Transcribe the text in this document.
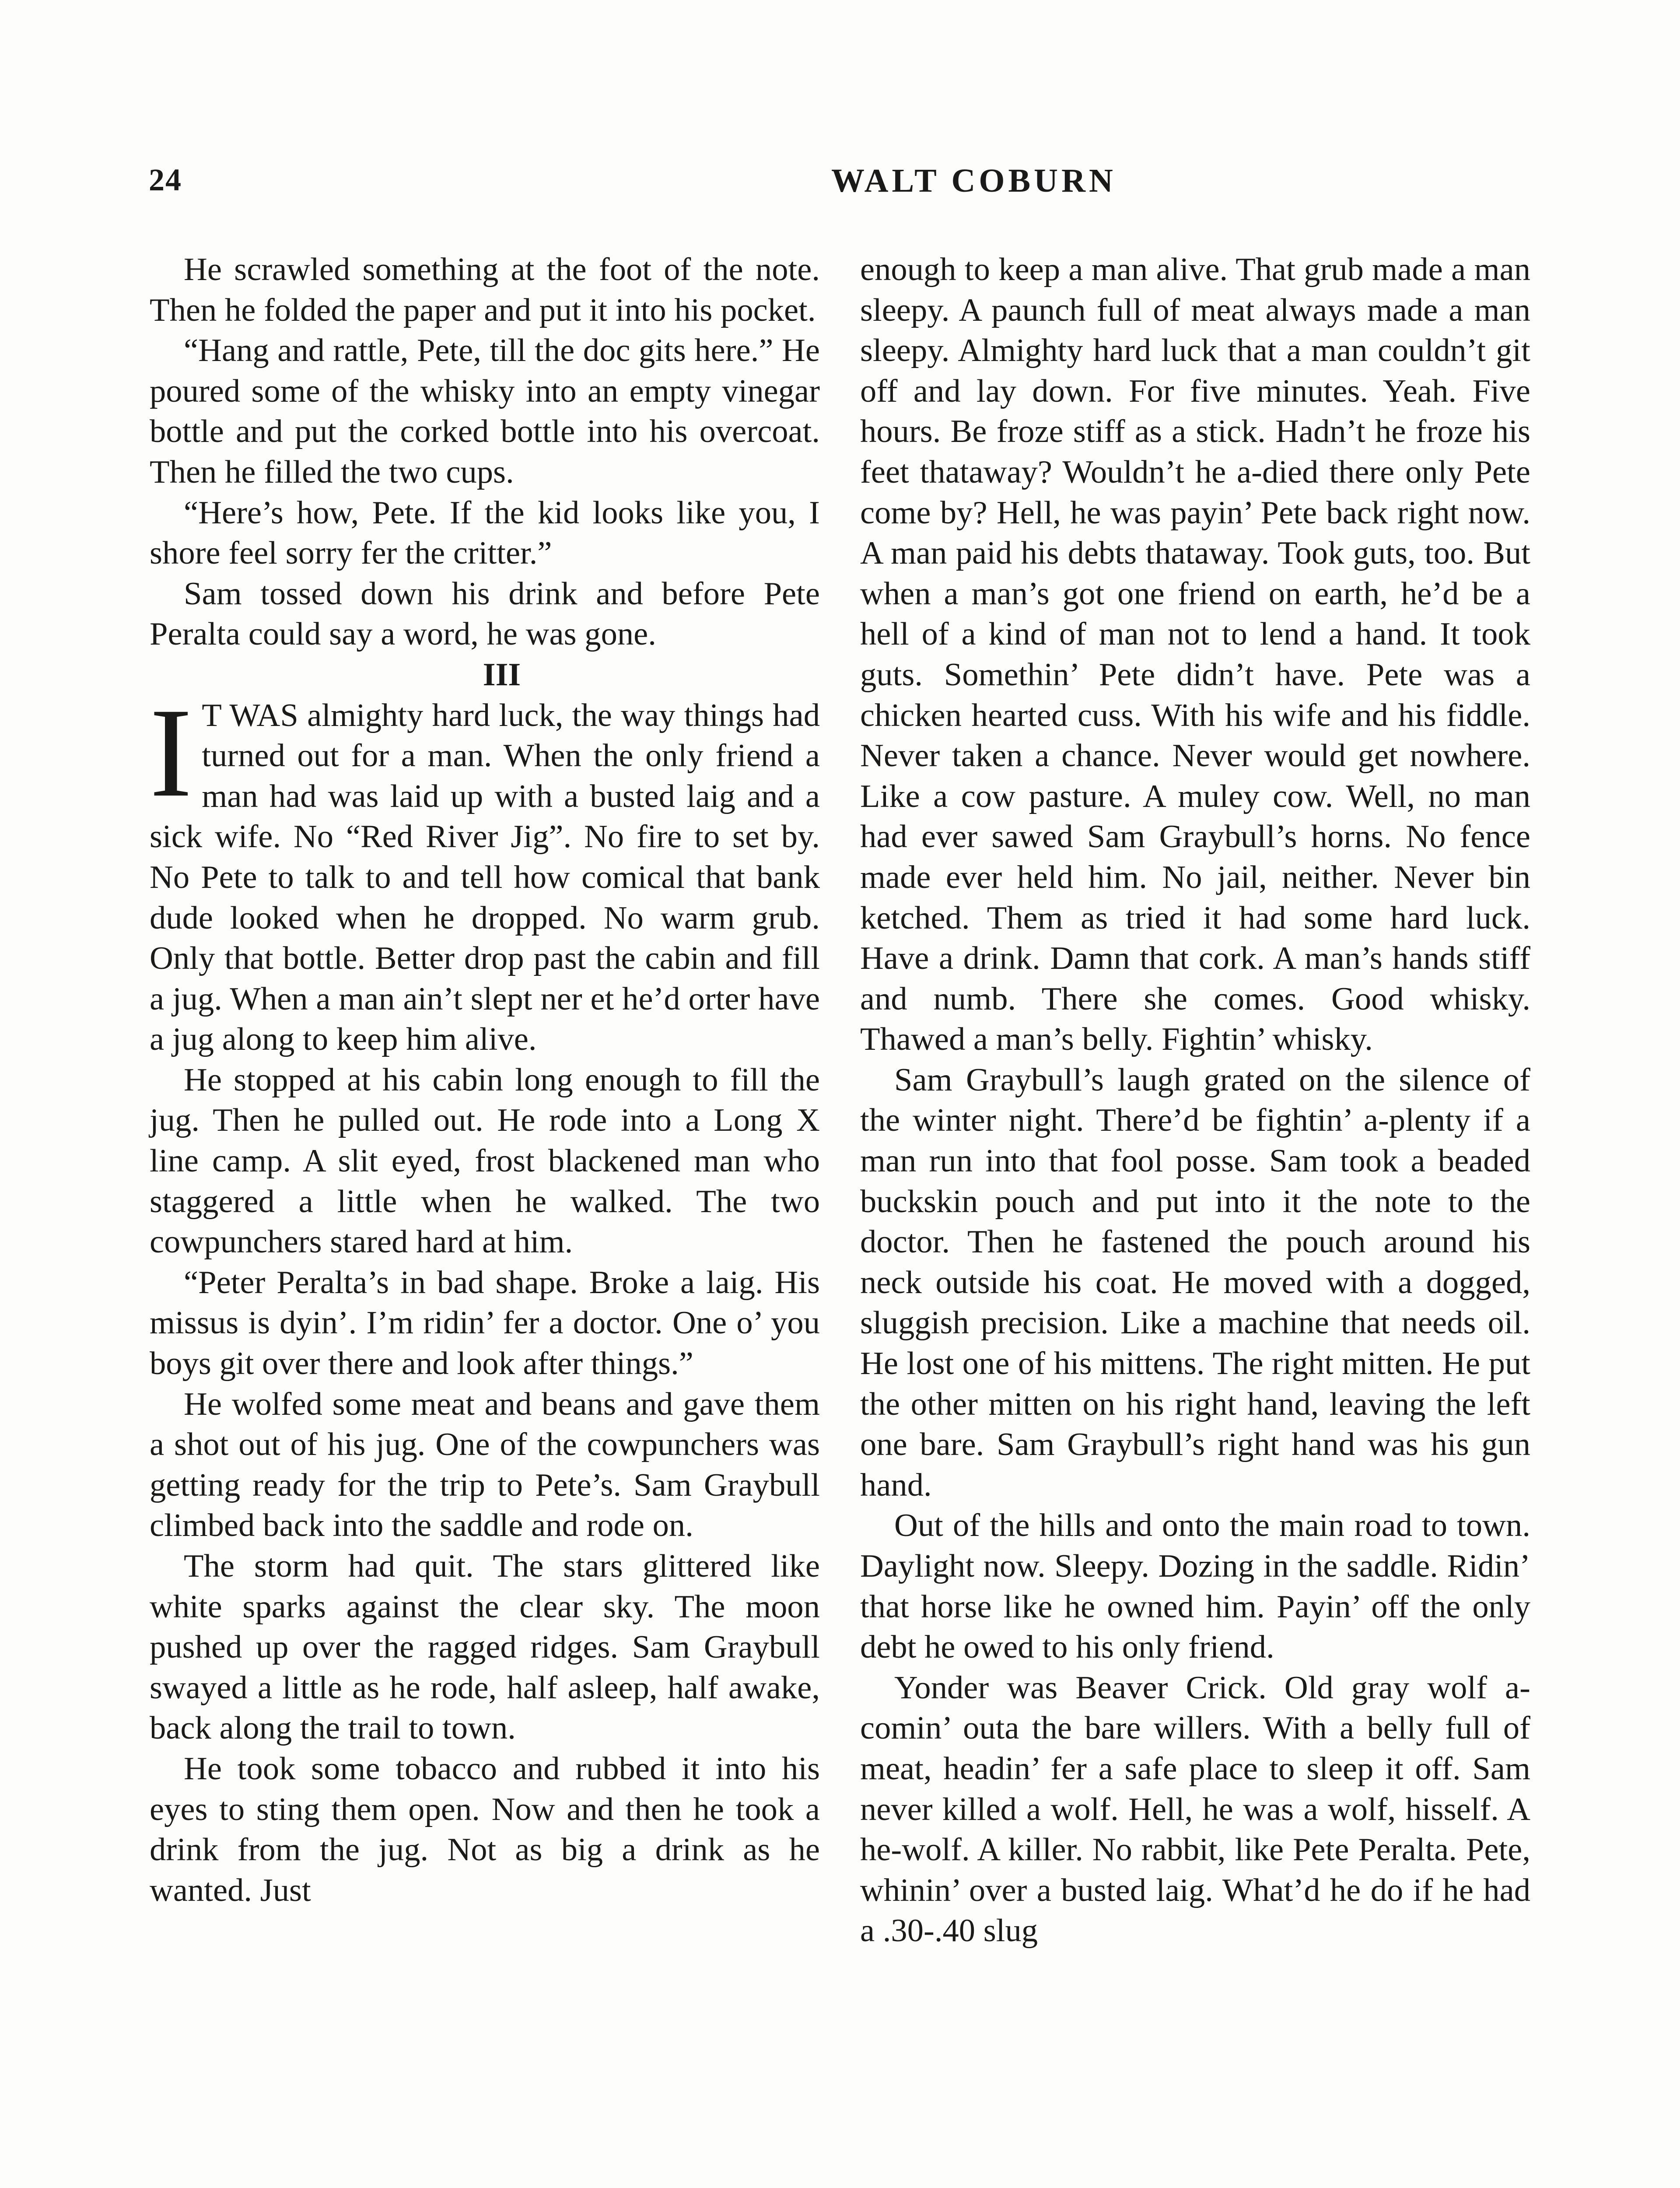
24	WALT COBURN

He scrawled something at the foot of the note. Then he folded the paper and put it into his pocket.

“Hang and rattle, Pete, till the doc gits here.” He poured some of the whisky into an empty vinegar bottle and put the corked bottle into his overcoat. Then he filled the two cups.

“Here’s how, Pete. If the kid looks like you, I shore feel sorry fer the critter.”

Sam tossed down his drink and before Pete Peralta could say a word, he was gone.

III

I T WAS almighty hard luck, the way things had turned out for a man. When the only friend a man had was laid up with a busted laig and a sick wife. No “Red River Jig”. No fire to set by. No Pete to talk to and tell how comical that bank dude looked when he dropped. No warm grub. Only that bottle. Better drop past the cabin and fill a jug. When a man ain’t slept ner et he’d orter have a jug along to keep him alive.

He stopped at his cabin long enough to fill the jug. Then he pulled out. He rode into a Long X line camp. A slit eyed, frost blackened man who staggered a little when he walked. The two cowpunchers stared hard at him.

“Peter Peralta’s in bad shape. Broke a laig. His missus is dyin’. I’m ridin’ fer a doctor. One o’ you boys git over there and look after things.”

He wolfed some meat and beans and gave them a shot out of his jug. One of the cowpunchers was getting ready for the trip to Pete’s. Sam Graybull climbed back into the saddle and rode on.

The storm had quit. The stars glittered like white sparks against the clear sky. The moon pushed up over the ragged ridges. Sam Graybull swayed a little as he rode, half asleep, half awake, back along the trail to town.

He took some tobacco and rubbed it into his eyes to sting them open. Now and then he took a drink from the jug. Not as big a drink as he wanted. Just

enough to keep a man alive. That grub made a man sleepy. A paunch full of meat always made a man sleepy. Almighty hard luck that a man couldn’t git off and lay down. For five minutes. Yeah. Five hours. Be froze stiff as a stick. Hadn’t he froze his feet thataway? Wouldn’t he a-died there only Pete come by? Hell, he was payin’ Pete back right now. A man paid his debts thataway. Took guts, too. But when a man’s got one friend on earth, he’d be a hell of a kind of man not to lend a hand. It took guts. Somethin’ Pete didn’t have. Pete was a chicken hearted cuss. With his wife and his fiddle. Never taken a chance. Never would get nowhere. Like a cow pasture. A muley cow. Well, no man had ever sawed Sam Graybull’s horns. No fence made ever held him. No jail, neither. Never bin ketched. Them as tried it had some hard luck. Have a drink. Damn that cork. A man’s hands stiff and numb. There she comes. Good whisky. Thawed a man’s belly. Fightin’ whisky.

Sam Graybull’s laugh grated on the silence of the winter night. There’d be fightin’ a-plenty if a man run into that fool posse. Sam took a beaded buckskin pouch and put into it the note to the doctor. Then he fastened the pouch around his neck outside his coat. He moved with a dogged, sluggish precision. Like a machine that needs oil. He lost one of his mittens. The right mitten. He put the other mitten on his right hand, leaving the left one bare. Sam Graybull’s right hand was his gun hand.

Out of the hills and onto the main road to town. Daylight now. Sleepy. Dozing in the saddle. Ridin’ that horse like he owned him. Payin’ off the only debt he owed to his only friend.

Yonder was Beaver Crick. Old gray wolf a-comin’ outa the bare willers. With a belly full of meat, headin’ fer a safe place to sleep it off. Sam never killed a wolf. Hell, he was a wolf, hisself. A he-wolf. A killer. No rabbit, like Pete Peralta. Pete, whinin’ over a busted laig. What’d he do if he had a .30-.40 slug
